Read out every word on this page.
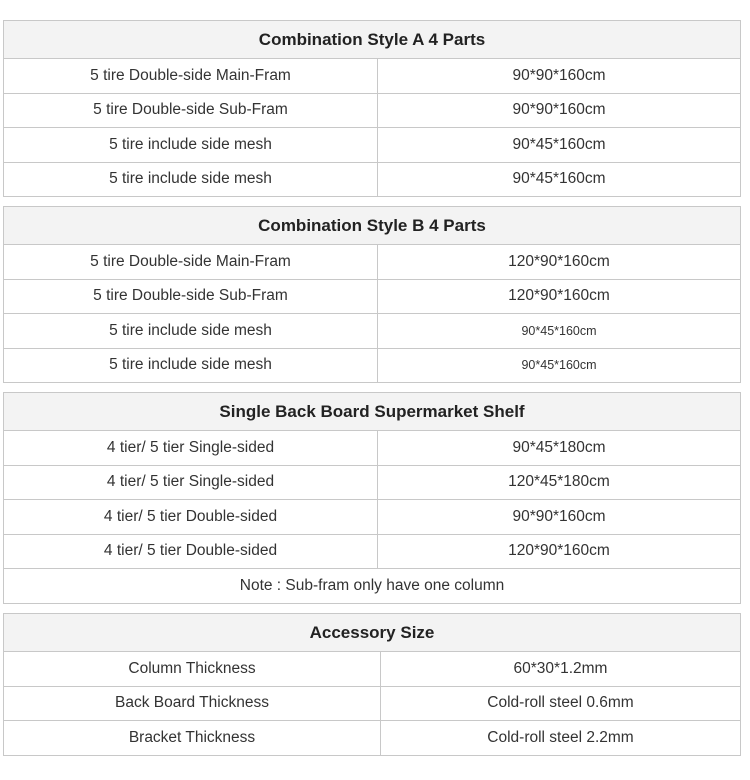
Combination Style A 4 Parts	
5 tire Double-side Main-Fram	90*90*160cm
5 tire Double-side Sub-Fram	90*90*160cm
5 tire include side mesh	90*45*160cm
5 tire include side mesh	90*45*160cm
Combination Style B 4 Parts	
5 tire Double-side Main-Fram	120*90*160cm
5 tire Double-side Sub-Fram	120*90*160cm
5 tire include side mesh	90*45*160cm
5 tire include side mesh	90*45*160cm
Single Back Board Supermarket Shelf	
4 tier/ 5 tier Single-sided	90*45*180cm
4 tier/ 5 tier Single-sided	120*45*180cm
4 tier/ 5 tier Double-sided	90*90*160cm
4 tier/ 5 tier Double-sided	120*90*160cm
Note : Sub-fram only have one column	
Accessory Size	
Column Thickness	60*30*1.2mm
Back Board Thickness	Cold-roll steel 0.6mm
Bracket Thickness	Cold-roll steel 2.2mm
